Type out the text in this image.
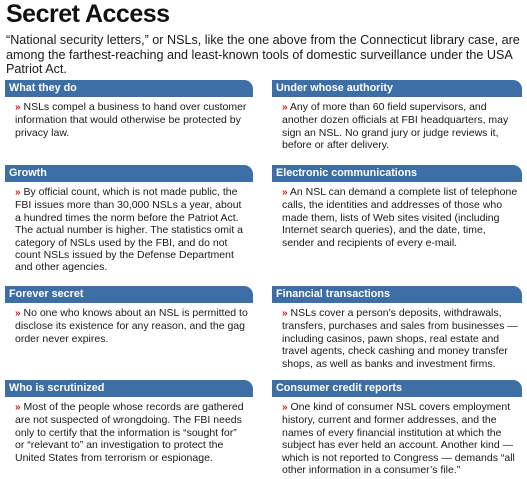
Secret Access
“National security letters,” or NSLs, like the one above from the Connecticut library case, are among the farthest-reaching and least-known tools of domestic surveillance under the USA Patriot Act.
What they do
» NSLs compel a business to hand over customer information that would otherwise be protected by privacy law.
Under whose authority
» Any of more than 60 field supervisors, and another dozen officials at FBI headquarters, may sign an NSL. No grand jury or judge reviews it, before or after delivery.
Growth
» By official count, which is not made public, the FBI issues more than 30,000 NSLs a year, about a hundred times the norm before the Patriot Act. The actual number is higher. The statistics omit a category of NSLs used by the FBI, and do not count NSLs issued by the Defense Department and other agencies.
Electronic communications
» An NSL can demand a complete list of telephone calls, the identities and addresses of those who made them, lists of Web sites visited (including Internet search queries), and the date, time, sender and recipients of every e-mail.
Forever secret
» No one who knows about an NSL is permitted to disclose its existence for any reason, and the gag order never expires.
Financial transactions
» NSLs cover a person’s deposits, withdrawals, transfers, purchases and sales from businesses — including casinos, pawn shops, real estate and travel agents, check cashing and money transfer shops, as well as banks and investment firms.
Who is scrutinized
» Most of the people whose records are gathered are not suspected of wrongdoing. The FBI needs only to certify that the information is “sought for” or “relevant to” an investigation to protect the United States from terrorism or espionage.
Consumer credit reports
» One kind of consumer NSL covers employment history, current and former addresses, and the names of every financial institution at which the subject has ever held an account. Another kind — which is not reported to Congress — demands “all other information in a consumer’s file.”
